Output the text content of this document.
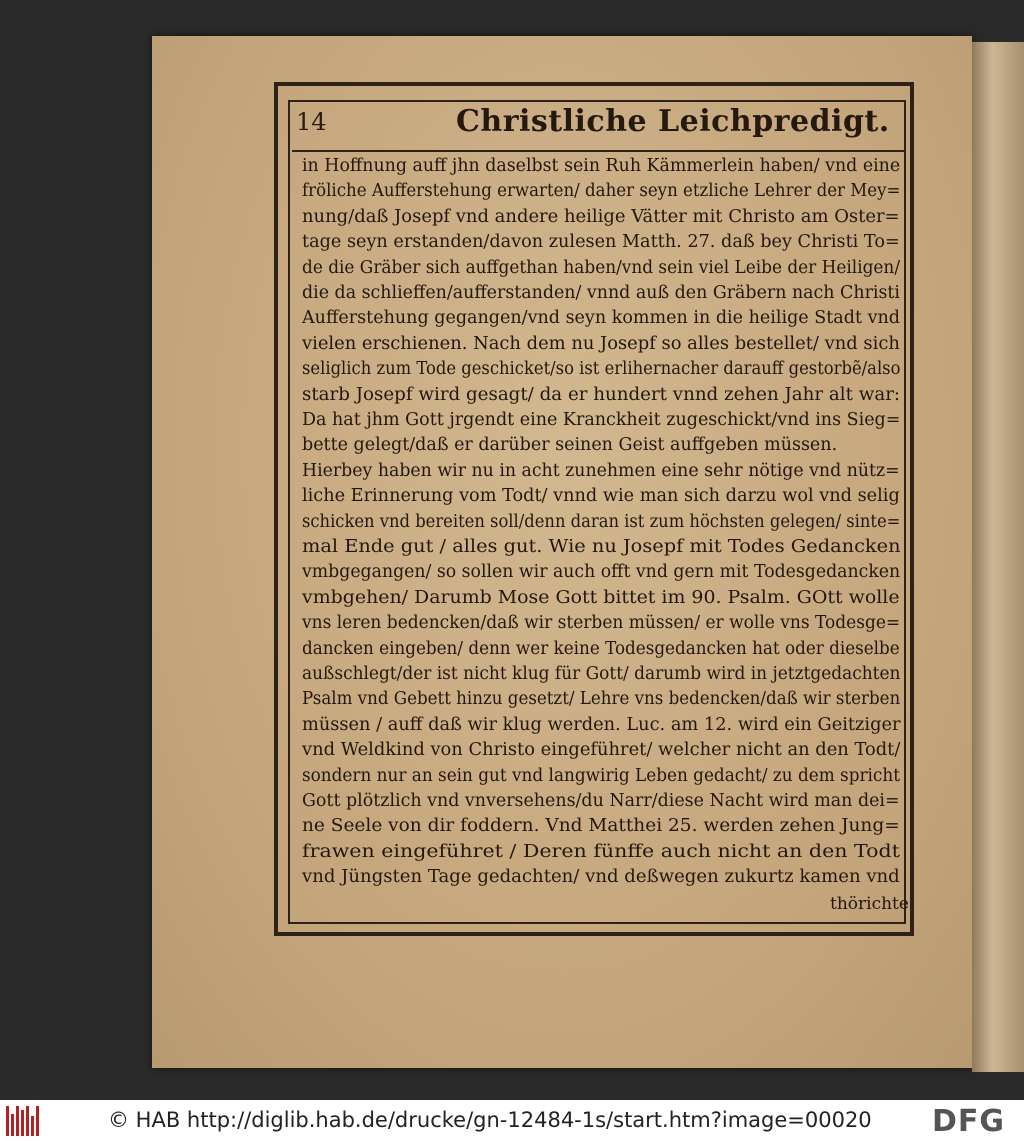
14	Christliche Leichpredigt.
in Hoffnung auff jhn daselbst sein Ruh Kämmerlein haben/ vnd eine
fröliche Aufferstehung erwarten/ daher seyn etzliche Lehrer der Mey=
nung/daß Josepf vnd andere heilige Vätter mit Christo am Oster=
tage seyn erstanden/davon zulesen Matth. 27. daß bey Christi To=
de die Gräber sich auffgethan haben/vnd sein viel Leibe der Heiligen/
die da schlieffen/aufferstanden/ vnnd auß den Gräbern nach Christi
Aufferstehung gegangen/vnd seyn kommen in die heilige Stadt vnd
vielen erschienen. Nach dem nu Josepf so alles bestellet/ vnd sich
seliglich zum Tode geschicket/so ist erlihernacher darauff gestorbẽ/also
starb Josepf wird gesagt/ da er hundert vnnd zehen Jahr alt war:
Da hat jhm Gott jrgendt eine Kranckheit zugeschickt/vnd ins Sieg=
bette gelegt/daß er darüber seinen Geist auffgeben müssen.
Hierbey haben wir nu in acht zunehmen eine sehr nötige vnd nütz=
liche Erinnerung vom Todt/ vnnd wie man sich darzu wol vnd selig
schicken vnd bereiten soll/denn daran ist zum höchsten gelegen/ sinte=
mal Ende gut / alles gut. Wie nu Josepf mit Todes Gedancken
vmbgegangen/ so sollen wir auch offt vnd gern mit Todesgedancken
vmbgehen/ Darumb Mose Gott bittet im 90. Psalm. GOtt wolle
vns leren bedencken/daß wir sterben müssen/ er wolle vns Todesge=
dancken eingeben/ denn wer keine Todesgedancken hat oder dieselbe
außschlegt/der ist nicht klug für Gott/ darumb wird in jetztgedachten
Psalm vnd Gebett hinzu gesetzt/ Lehre vns bedencken/daß wir sterben
müssen / auff daß wir klug werden. Luc. am 12. wird ein Geitziger
vnd Weldkind von Christo eingeführet/ welcher nicht an den Todt/
sondern nur an sein gut vnd langwirig Leben gedacht/ zu dem spricht
Gott plötzlich vnd vnversehens/du Narr/diese Nacht wird man dei=
ne Seele von dir foddern. Vnd Matthei 25. werden zehen Jung=
frawen eingeführet / Deren fünffe auch nicht an den Todt
vnd Jüngsten Tage gedachten/ vnd deßwegen zukurtz kamen vnd
thörichte
© HAB http://diglib.hab.de/drucke/gn-12484-1s/start.htm?image=00020 DFG
